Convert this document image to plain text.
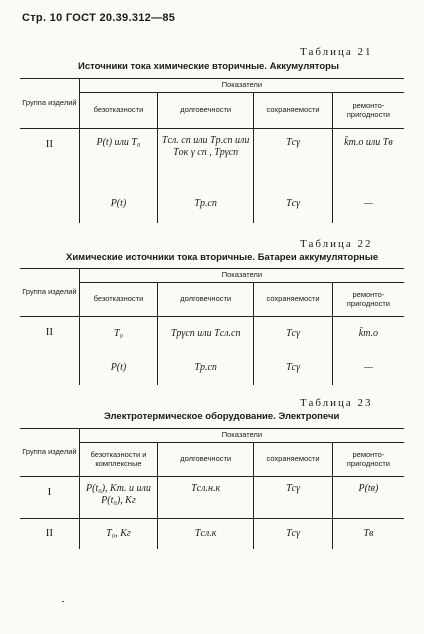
Стр. 10 ГОСТ 20.39.312—85
Таблица 21
Источники тока химические вторичные. Аккумуляторы
Группа изделий	Показатели			
	безотказности	долговечности	сохраняемости	ремонто-пригодности
II	P(t) или T₀	Tсл. сп или Tр.сп или Tок γ сп , Tрγсп	Tсγ	k̄т.о или Tв
	P(t)	Tр.сп	Tсγ	—
Таблица 22
Химические источники тока вторичные. Батареи аккумуляторные
Группа изделий	Показатели			
	безотказности	долговечности	сохраняемости	ремонто-пригодности
II	T₀	Tрγсп или Tсл.сп	Tсγ	k̄т.о
	P(t)	Tр.сп	Tсγ	—
Таблица 23
Электротермическое оборудование. Электропечи
Группа изделий	Показатели			
	безотказности и комплексные	долговечности	сохраняемости	ремонто-пригодности
I	P(t₀), Kт. и или P(t₀), Kг	Tсл.н.к	Tсγ	P(tв)
II	T₀, Kг	Tсл.к	Tсγ	Tв
